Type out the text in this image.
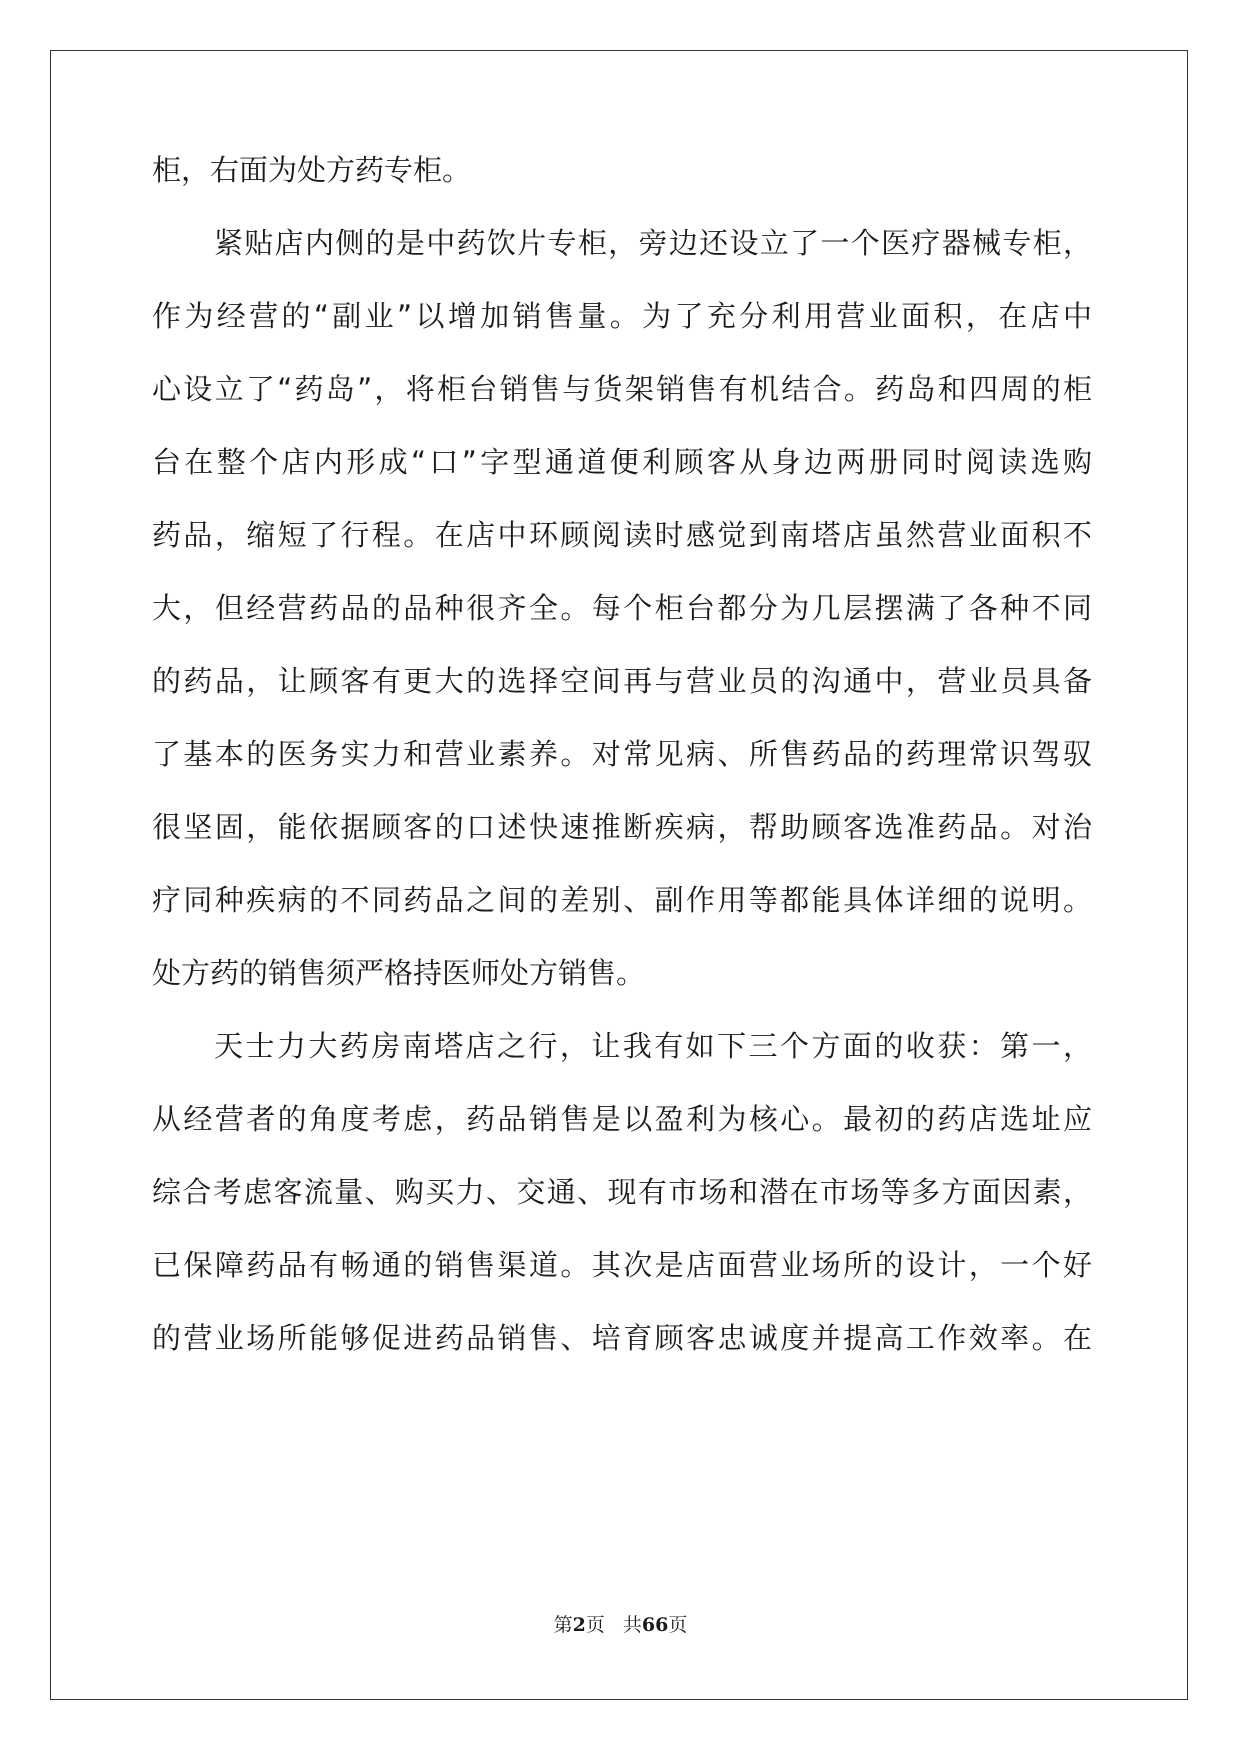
柜，右面为处方药专柜。
紧贴店内侧的是中药饮片专柜，旁边还设立了一个医疗器械专柜，
作为经营的“副业”以增加销售量。为了充分利用营业面积，在店中
心设立了“药岛”，将柜台销售与货架销售有机结合。药岛和四周的柜
台在整个店内形成“口”字型通道便利顾客从身边两册同时阅读选购
药品，缩短了行程。在店中环顾阅读时感觉到南塔店虽然营业面积不
大，但经营药品的品种很齐全。每个柜台都分为几层摆满了各种不同
的药品，让顾客有更大的选择空间再与营业员的沟通中，营业员具备
了基本的医务实力和营业素养。对常见病、所售药品的药理常识驾驭
很坚固，能依据顾客的口述快速推断疾病，帮助顾客选准药品。对治
疗同种疾病的不同药品之间的差别、副作用等都能具体详细的说明。
处方药的销售须严格持医师处方销售。
天士力大药房南塔店之行，让我有如下三个方面的收获：第一，
从经营者的角度考虑，药品销售是以盈利为核心。最初的药店选址应
综合考虑客流量、购买力、交通、现有市场和潜在市场等多方面因素，
已保障药品有畅通的销售渠道。其次是店面营业场所的设计，一个好
的营业场所能够促进药品销售、培育顾客忠诚度并提高工作效率。在
第2页 共66页
